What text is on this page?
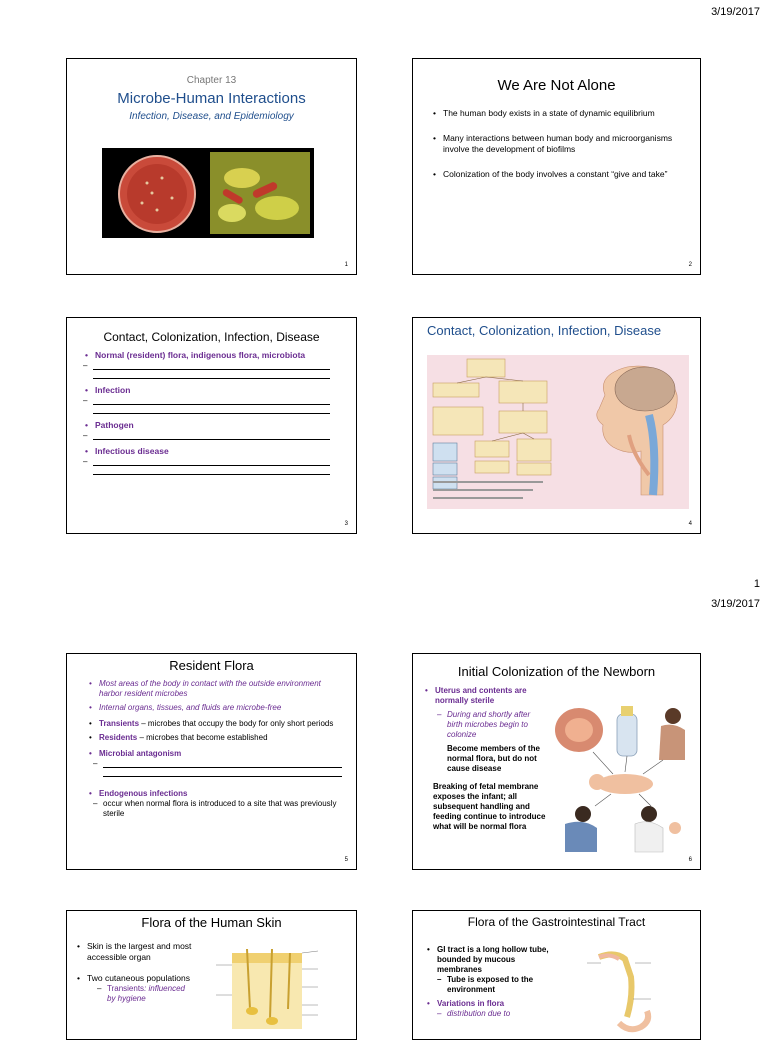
3/19/2017
1
3/19/2017
Chapter 13
Microbe-Human Interactions
Infection, Disease, and Epidemiology
1
We Are Not Alone
• The human body exists in a state of dynamic equilibrium
• Many interactions between human body and microorganisms involve the development of biofilms
• Colonization of the body involves a constant “give and take”
2
Contact, Colonization, Infection, Disease
• Normal (resident) flora, indigenous flora, microbiota
–
• Infection
–
• Pathogen
–
• Infectious disease
–
3
Contact, Colonization, Infection, Disease
4
Resident Flora
• Most areas of the body in contact with the outside environment harbor resident microbes
• Internal organs, tissues, and fluids are microbe-free
• Transients – microbes that occupy the body for only short periods
• Residents – microbes that become established
• Microbial antagonism
–
• Endogenous infections
– occur when normal flora is introduced to a site that was previously sterile
5
Initial Colonization of the Newborn
• Uterus and contents are normally sterile
– During and shortly after birth microbes begin to colonize
Become members of the normal flora, but do not cause disease
Breaking of fetal membrane exposes the infant; all subsequent handling and feeding continue to introduce what will be normal flora
6
Flora of the Human Skin
• Skin is the largest and most accessible organ
• Two cutaneous populations
– Transients: influenced by hygiene
Flora of the Gastrointestinal Tract
• GI tract is a long hollow tube, bounded by mucous membranes
– Tube is exposed to the environment
• Variations in flora
– distribution due to
